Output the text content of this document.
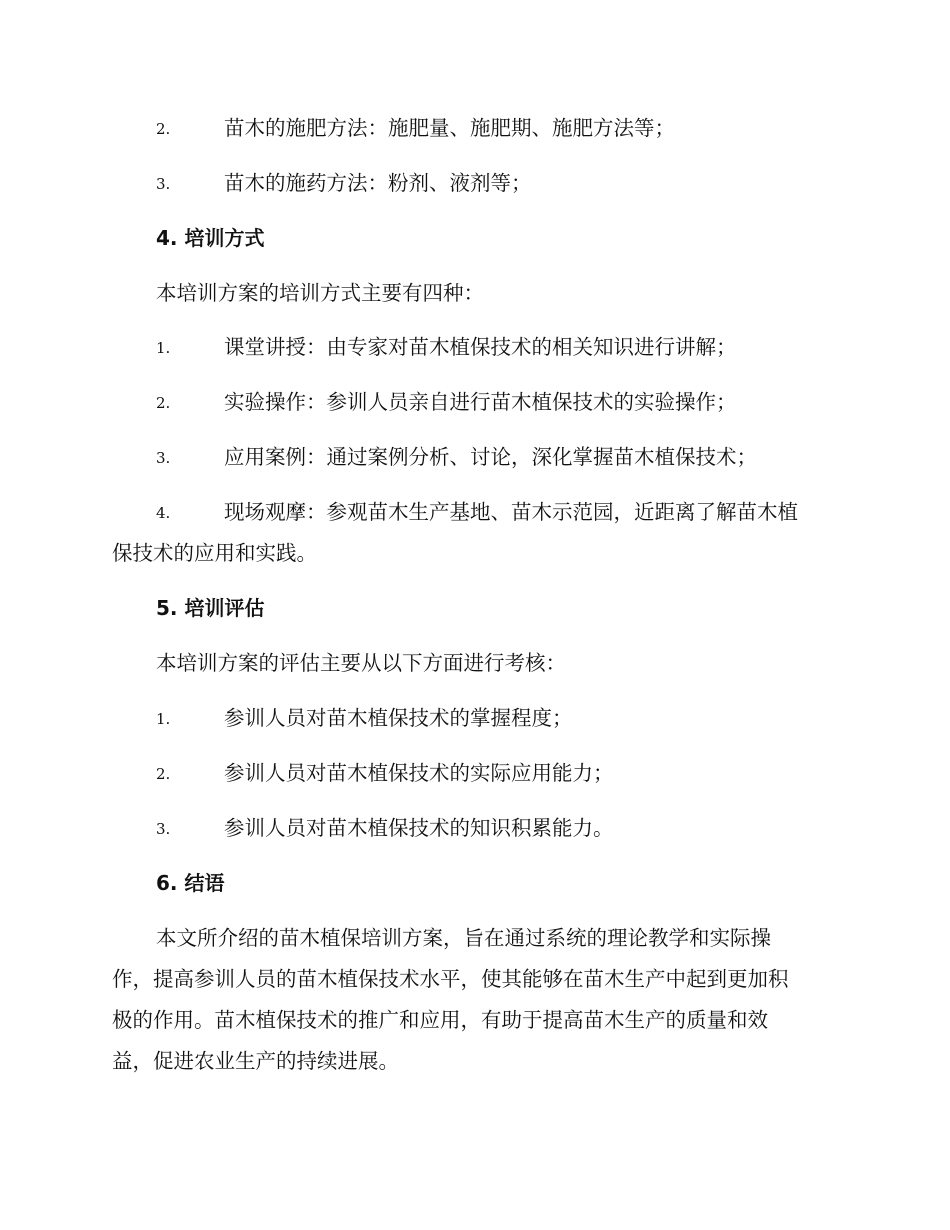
2.	苗木的施肥方法：施肥量、施肥期、施肥方法等；
3.	苗木的施药方法：粉剂、液剂等；
4. 培训方式
本培训方案的培训方式主要有四种：
1.	课堂讲授：由专家对苗木植保技术的相关知识进行讲解；
2.	实验操作：参训人员亲自进行苗木植保技术的实验操作；
3.	应用案例：通过案例分析、讨论，深化掌握苗木植保技术；
4.	现场观摩：参观苗木生产基地、苗木示范园，近距离了解苗木植
保技术的应用和实践。
5. 培训评估
本培训方案的评估主要从以下方面进行考核：
1.	参训人员对苗木植保技术的掌握程度；
2.	参训人员对苗木植保技术的实际应用能力；
3.	参训人员对苗木植保技术的知识积累能力。
6. 结语
本文所介绍的苗木植保培训方案，旨在通过系统的理论教学和实际操
作，提高参训人员的苗木植保技术水平，使其能够在苗木生产中起到更加积
极的作用。苗木植保技术的推广和应用，有助于提高苗木生产的质量和效
益，促进农业生产的持续进展。
